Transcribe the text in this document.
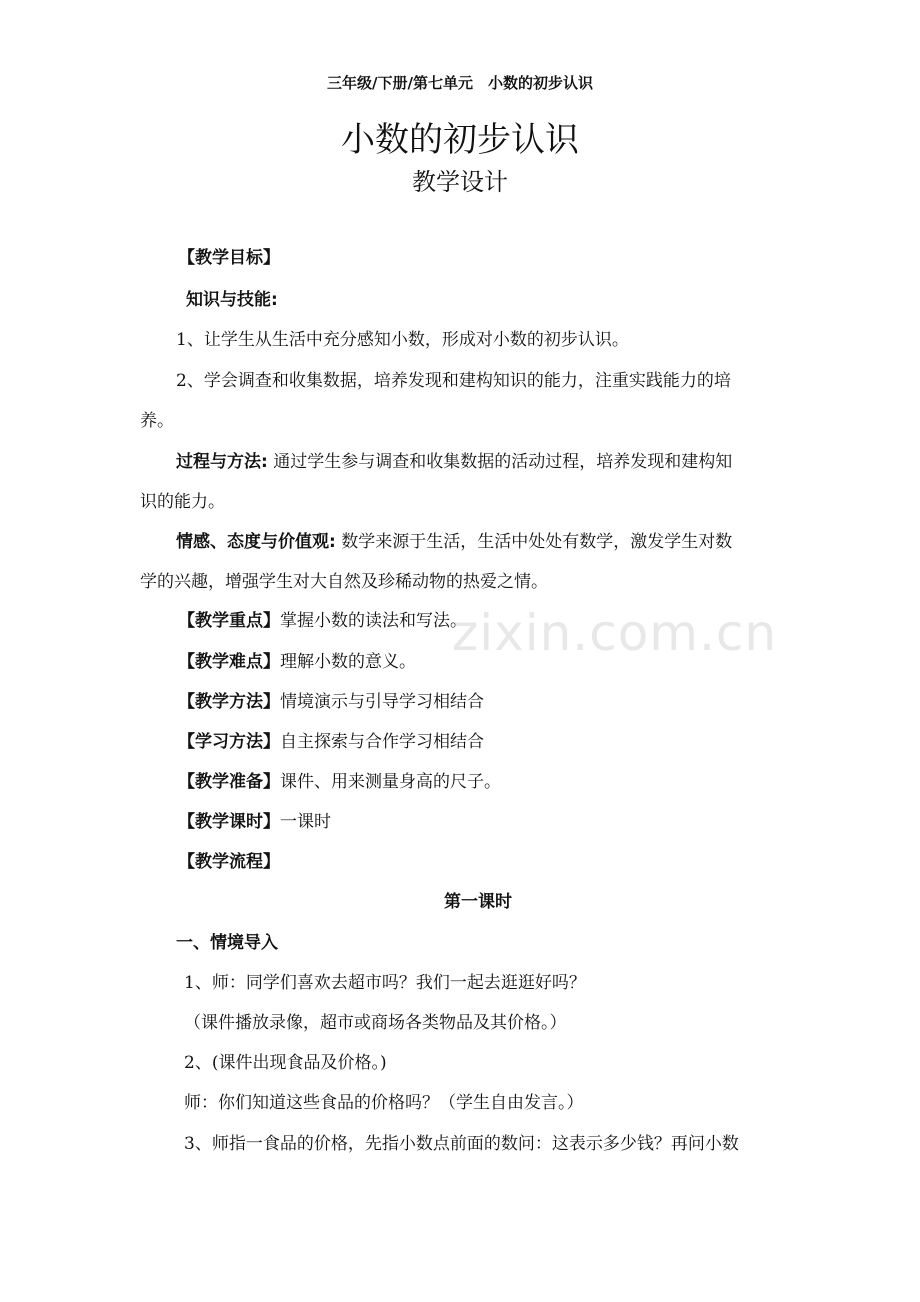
三年级/下册/第七单元　小数的初步认识
小数的初步认识
教学设计
【教学目标】
知识与技能:
1、让学生从生活中充分感知小数，形成对小数的初步认识。
2、学会调查和收集数据，培养发现和建构知识的能力，注重实践能力的培
养。
过程与方法: 通过学生参与调查和收集数据的活动过程，培养发现和建构知
识的能力。
情感、态度与价值观: 数学来源于生活，生活中处处有数学，激发学生对数
学的兴趣，增强学生对大自然及珍稀动物的热爱之情。
【教学重点】掌握小数的读法和写法。
【教学难点】理解小数的意义。
【教学方法】情境演示与引导学习相结合
【学习方法】自主探索与合作学习相结合
【教学准备】课件、用来测量身高的尺子。
【教学课时】一课时
【教学流程】
第一课时
一、情境导入
1、师：同学们喜欢去超市吗？我们一起去逛逛好吗？
（课件播放录像，超市或商场各类物品及其价格。）
2、(课件出现食品及价格。)
师：你们知道这些食品的价格吗？（学生自由发言。）
3、师指一食品的价格，先指小数点前面的数问：这表示多少钱？再问小数
zixin.com.cn
